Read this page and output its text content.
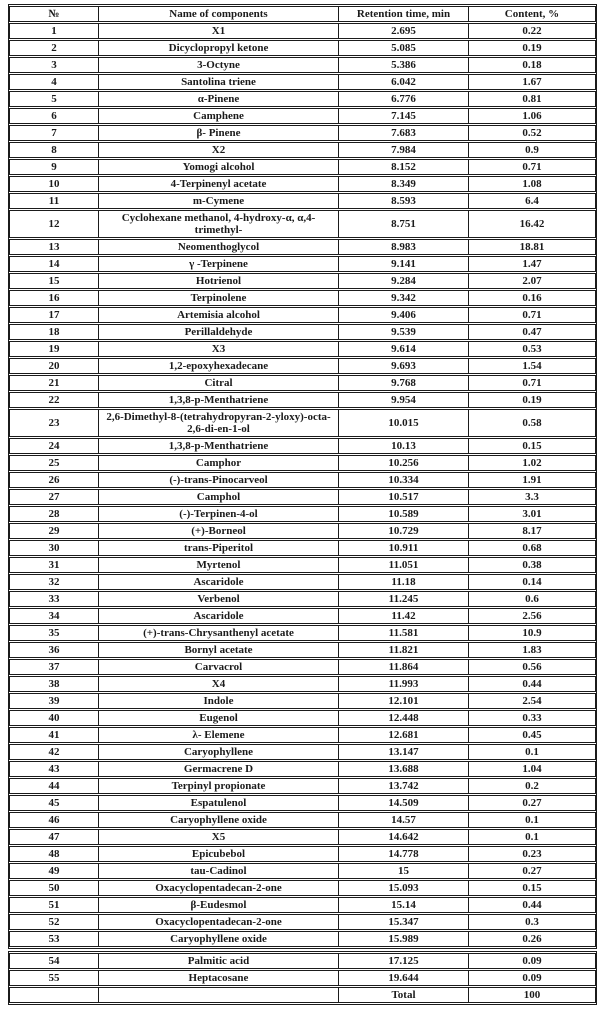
№	Name of components	Retention time, min	Content, %
1	X1	2.695	0.22
2	Dicyclopropyl ketone	5.085	0.19
3	3-Octyne	5.386	0.18
4	Santolina triene	6.042	1.67
5	α-Pinene	6.776	0.81
6	Camphene	7.145	1.06
7	β- Pinene	7.683	0.52
8	X2	7.984	0.9
9	Yomogi alcohol	8.152	0.71
10	4-Terpinenyl acetate	8.349	1.08
11	m-Cymene	8.593	6.4
12	Cyclohexane methanol, 4-hydroxy-α, α,4-trimethyl-	8.751	16.42
13	Neomenthoglycol	8.983	18.81
14	γ -Terpinene	9.141	1.47
15	Hotrienol	9.284	2.07
16	Terpinolene	9.342	0.16
17	Artemisia alcohol	9.406	0.71
18	Perillaldehyde	9.539	0.47
19	X3	9.614	0.53
20	1,2-epoxyhexadecane	9.693	1.54
21	Citral	9.768	0.71
22	1,3,8-p-Menthatriene	9.954	0.19
23	2,6-Dimethyl-8-(tetrahydropyran-2-yloxy)-octa-2,6-di-en-1-ol	10.015	0.58
24	1,3,8-p-Menthatriene	10.13	0.15
25	Camphor	10.256	1.02
26	(-)-trans-Pinocarveol	10.334	1.91
27	Camphol	10.517	3.3
28	(-)-Terpinen-4-ol	10.589	3.01
29	(+)-Borneol	10.729	8.17
30	trans-Piperitol	10.911	0.68
31	Myrtenol	11.051	0.38
32	Ascaridole	11.18	0.14
33	Verbenol	11.245	0.6
34	Ascaridole	11.42	2.56
35	(+)-trans-Chrysanthenyl acetate	11.581	10.9
36	Bornyl acetate	11.821	1.83
37	Carvacrol	11.864	0.56
38	X4	11.993	0.44
39	Indole	12.101	2.54
40	Eugenol	12.448	0.33
41	λ- Elemene	12.681	0.45
42	Caryophyllene	13.147	0.1
43	Germacrene D	13.688	1.04
44	Terpinyl propionate	13.742	0.2
45	Espatulenol	14.509	0.27
46	Caryophyllene oxide	14.57	0.1
47	X5	14.642	0.1
48	Epicubebol	14.778	0.23
49	tau-Cadinol	15	0.27
50	Oxacyclopentadecan-2-one	15.093	0.15
51	β-Eudesmol	15.14	0.44
52	Oxacyclopentadecan-2-one	15.347	0.3
53	Caryophyllene oxide	15.989	0.26
54	Palmitic acid	17.125	0.09
55	Heptacosane	19.644	0.09
		Total	100
